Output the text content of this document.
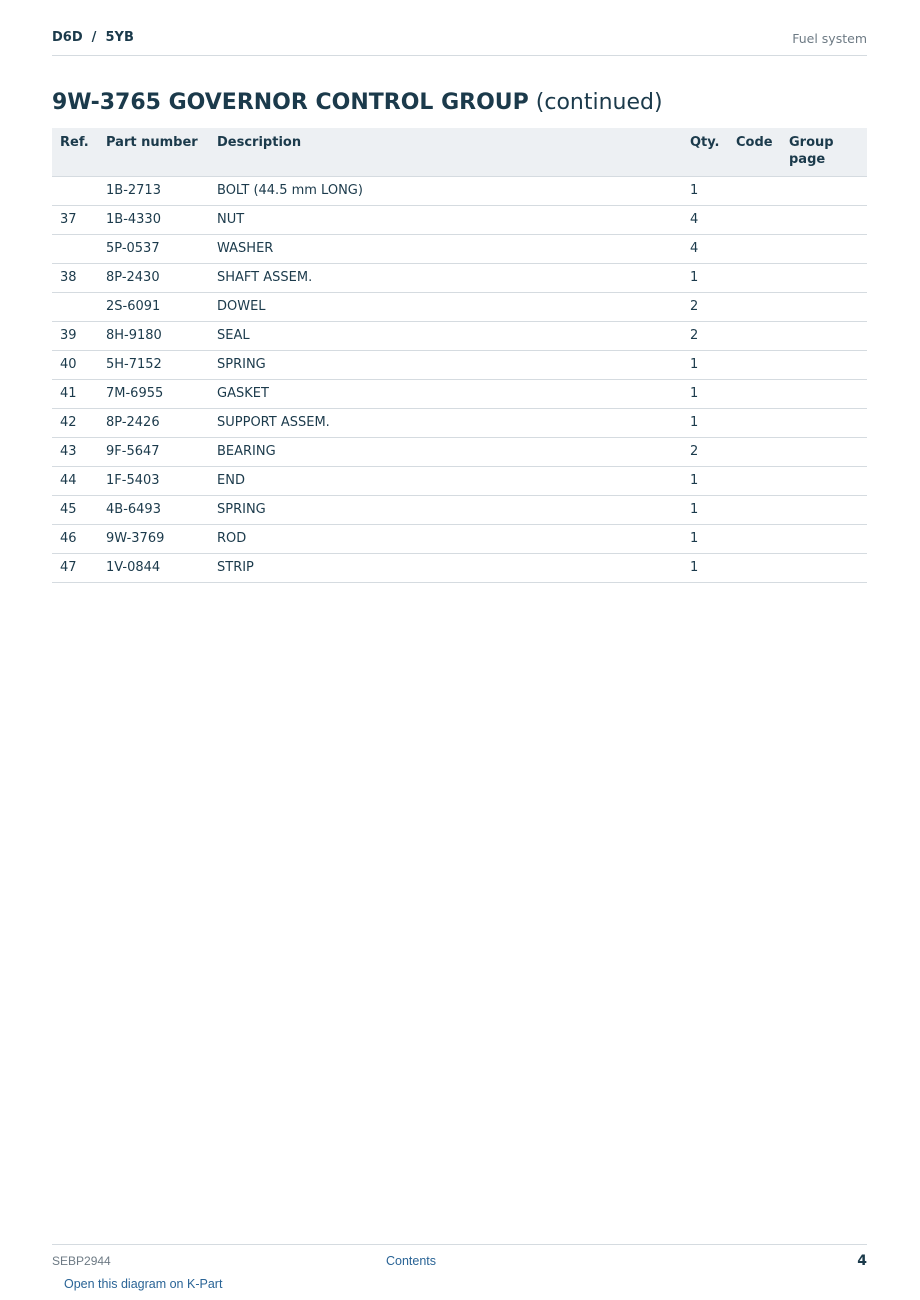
D6D  /  5YB	Fuel system
9W-3765 GOVERNOR CONTROL GROUP (continued)
Ref.	Part number	Description	Qty.	Code	Group page
	1B-2713	BOLT (44.5 mm LONG)	1		
37	1B-4330	NUT	4		
	5P-0537	WASHER	4		
38	8P-2430	SHAFT ASSEM.	1		
	2S-6091	DOWEL	2		
39	8H-9180	SEAL	2		
40	5H-7152	SPRING	1		
41	7M-6955	GASKET	1		
42	8P-2426	SUPPORT ASSEM.	1		
43	9F-5647	BEARING	2		
44	1F-5403	END	1		
45	4B-6493	SPRING	1		
46	9W-3769	ROD	1		
47	1V-0844	STRIP	1		
SEBP2944	Contents	4
Open this diagram on K-Part
